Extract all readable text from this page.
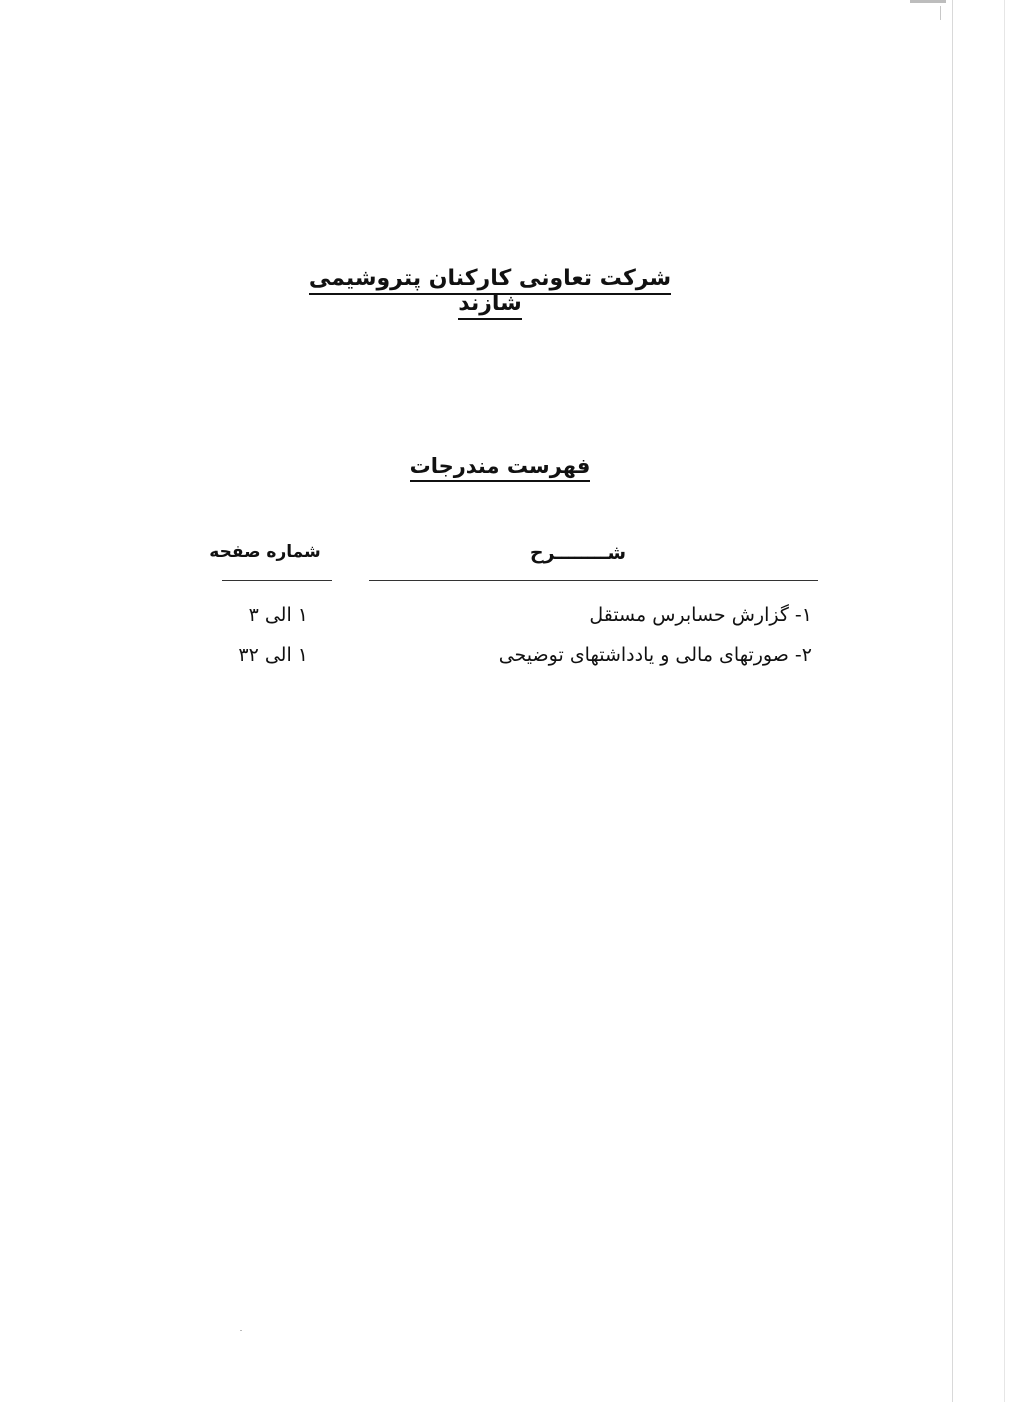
شرکت تعاونی کارکنان پتروشیمی شازند
فهرست مندرجات
شــــــــرح
شماره صفحه
۱- گزارش حسابرس مستقل
۱ الی ۳
۲- صورتهای مالی و یادداشتهای توضیحی
۱ الی ۳۲
